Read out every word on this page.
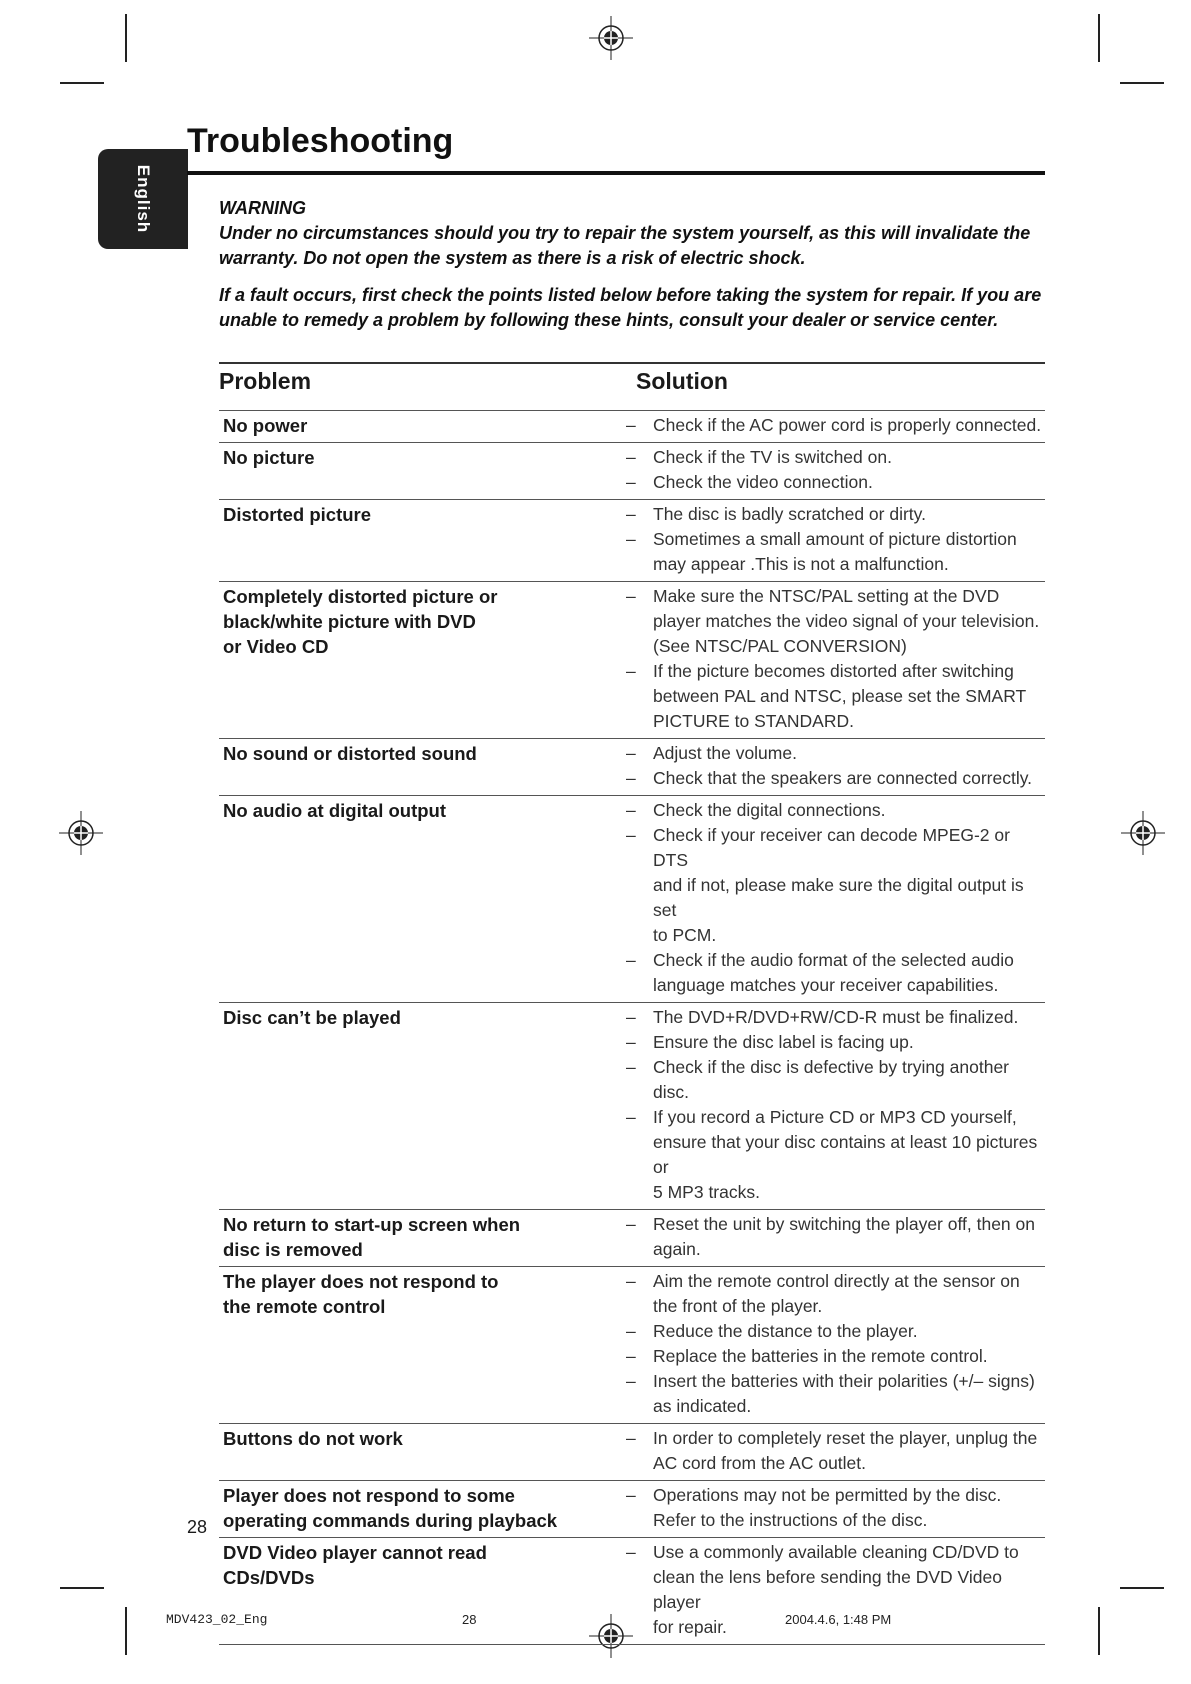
English
Troubleshooting
WARNING
Under no circumstances should you try to repair the system yourself, as this will invalidate the
warranty. Do not open the system as there is a risk of electric shock.
If a fault occurs, first check the points listed below before taking the system for repair. If you are
unable to remedy a problem by following these hints, consult your dealer or service center.
Problem	Solution
No power	– Check if the AC power cord is properly connected.
No picture	– Check if the TV is switched on.
– Check the video connection.
Distorted picture	– The disc is badly scratched or dirty.
– Sometimes a small amount of picture distortion
may appear .This is not a malfunction.
Completely distorted picture or
black/white picture with DVD
or Video CD
– Make sure the NTSC/PAL setting at the DVD
player matches the video signal of your television.
(See NTSC/PAL CONVERSION)
– If the picture becomes distorted after switching
between PAL and NTSC, please set the SMART
PICTURE to STANDARD.
No sound or distorted sound	– Adjust the volume.
– Check that the speakers are connected correctly.
No audio at digital output	– Check the digital connections.
– Check if your receiver can decode MPEG-2 or DTS
and if not, please make sure the digital output is set
to PCM.
– Check if the audio format of the selected audio
language matches your receiver capabilities.
Disc can’t be played	– The DVD+R/DVD+RW/CD-R must be finalized.
– Ensure the disc label is facing up.
– Check if the disc is defective by trying another disc.
– If you record a Picture CD or MP3 CD yourself,
ensure that your disc contains at least 10 pictures or
5 MP3 tracks.
No return to start-up screen when
disc is removed
– Reset the unit by switching the player off, then on
again.
The player does not respond to
the remote control
– Aim the remote control directly at the sensor on
the front of the player.
– Reduce the distance to the player.
– Replace the batteries in the remote control.
– Insert the batteries with their polarities (+/– signs)
as indicated.
Buttons do not work	– In order to completely reset the player, unplug the
AC cord from the AC outlet.
Player does not respond to some
operating commands during playback
– Operations may not be permitted by the disc.
Refer to the instructions of the disc.
DVD Video player cannot read
CDs/DVDs
– Use a commonly available cleaning CD/DVD to
clean the lens before sending the DVD Video player
for repair.
28
MDV423_02_Eng	28	2004.4.6, 1:48 PM
